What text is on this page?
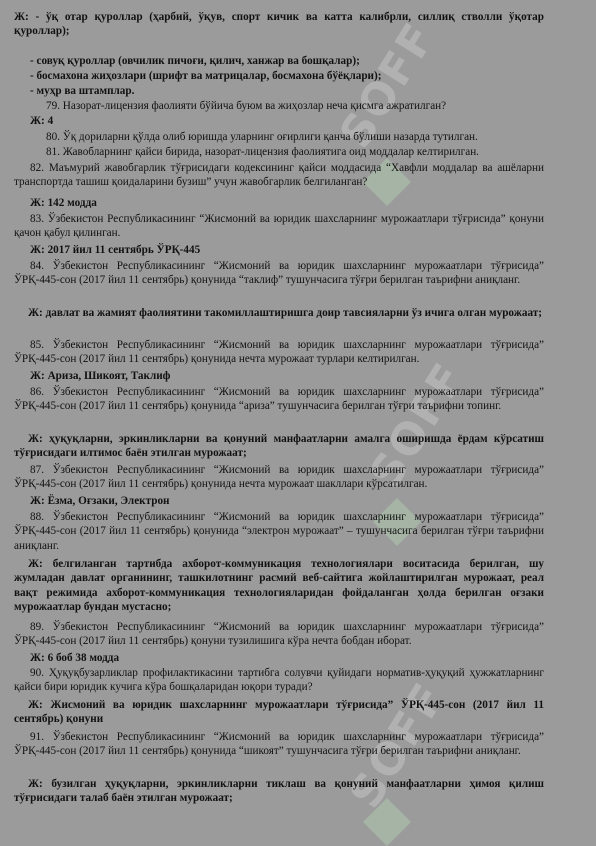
SOFF
SOFF
SOFF

Ж: - ўқ отар қуроллар (ҳарбий, ўқув, спорт кичик ва катта калибрли, силлиқ стволли ўқотар қуроллар);

- совуқ қуроллар (овчилик пичоғи, қилич, ханжар ва бошқалар);

- босмахона жиҳозлари (шрифт ва матрицалар, босмахона бўёқлари);

- муҳр ва штамплар.

79. Назорат-лицензия фаолияти бўйича буюм ва жиҳозлар неча қисмга ажратилган?

Ж: 4

80. Ўқ дориларни қўлда олиб юришда уларнинг оғирлиги қанча бўлиши назарда тутилган.

81. Жавобларнинг қайси бирида, назорат-лицензия фаолиятига оид моддалар келтирилган.

82. Маъмурий жавобгарлик тўғрисидаги кодексининг қайси моддасида “Хавфли моддалар ва ашёларни транспортда ташиш қоидаларини бузиш” учун жавобгарлик белгиланган?

Ж: 142 модда

83. Ўзбекистон Республикасининг “Жисмоний ва юридик шахсларнинг мурожаатлари тўғрисида” қонуни қачон қабул қилинган.

Ж: 2017 йил 11 сентябрь ЎРҚ-445

84. Ўзбекистон Республикасининг “Жисмоний ва юридик шахсларнинг мурожаатлари тўғрисида” ЎРҚ-445-сон (2017 йил 11 сентябрь) қонунида “таклиф” тушунчасига тўғри берилган таърифни аниқланг.

Ж: давлат ва жамият фаолиятини такомиллаштиришга доир тавсияларни ўз ичига олган мурожаат;

85. Ўзбекистон Республикасининг “Жисмоний ва юридик шахсларнинг мурожаатлари тўғрисида” ЎРҚ-445-сон (2017 йил 11 сентябрь) қонунида нечта мурожаат турлари келтирилган.

Ж: Ариза, Шикоят, Таклиф

86. Ўзбекистон Республикасининг “Жисмоний ва юридик шахсларнинг мурожаатлари тўғрисида” ЎРҚ-445-сон (2017 йил 11 сентябрь) қонунида “ариза” тушунчасига берилган тўғри таърифни топинг.

Ж: ҳуқуқларни, эркинликларни ва қонуний манфаатларни амалга оширишда ёрдам кўрсатиш тўғрисидаги илтимос баён этилган мурожаат;

87. Ўзбекистон Республикасининг “Жисмоний ва юридик шахсларнинг мурожаатлари тўғрисида” ЎРҚ-445-сон (2017 йил 11 сентябрь) қонунида нечта мурожаат шакллари кўрсатилган.

Ж: Ёзма, Оғзаки, Электрон

88. Ўзбекистон Республикасининг “Жисмоний ва юридик шахсларнинг мурожаатлари тўғрисида” ЎРҚ-445-сон (2017 йил 11 сентябрь) қонунида “электрон мурожаат” – тушунчасига берилган тўғри таърифни аниқланг.

Ж: белгиланган тартибда ахборот-коммуникация технологиялари воситасида берилган, шу жумладан давлат органининг, ташкилотнинг расмий веб-сайтига жойлаштирилган мурожаат, реал вақт режимида ахборот-коммуникация технологияларидан фойдаланган ҳолда берилган оғзаки мурожаатлар бундан мустасно;

89. Ўзбекистон Республикасининг “Жисмоний ва юридик шахсларнинг мурожаатлари тўғрисида” ЎРҚ-445-сон (2017 йил 11 сентябрь) қонуни тузилишига кўра нечта бобдан иборат.

Ж: 6 боб 38 модда

90. Ҳуқуқбузарликлар профилактикасини тартибга солувчи қуйидаги норматив-ҳуқуқий ҳужжатларнинг қайси бири юридик кучига кўра бошқаларидан юқори туради?

Ж: Жисмоний ва юридик шахсларнинг мурожаатлари тўғрисида” ЎРҚ-445-сон (2017 йил 11 сентябрь) қонуни

91. Ўзбекистон Республикасининг “Жисмоний ва юридик шахсларнинг мурожаатлари тўғрисида” ЎРҚ-445-сон (2017 йил 11 сентябрь) қонунида “шикоят” тушунчасига тўғри берилган таърифни аниқланг.

Ж: бузилган ҳуқуқларни, эркинликларни тиклаш ва қонуний манфаатларни ҳимоя қилиш тўғрисидаги талаб баён этилган мурожаат;
